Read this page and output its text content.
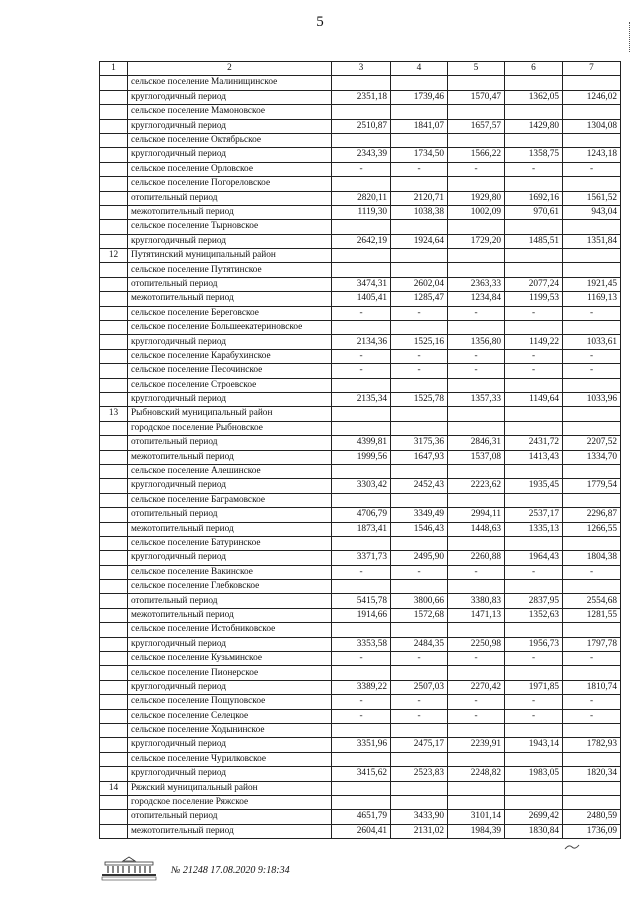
5
1	2	3	4	5	6	7
	сельское поселение Малинищинское					
	круглогодичный период	2351,18	1739,46	1570,47	1362,05	1246,02
	сельское поселение Мамоновское					
	круглогодичный период	2510,87	1841,07	1657,57	1429,80	1304,08
	сельское поселение Октябрьское					
	круглогодичный период	2343,39	1734,50	1566,22	1358,75	1243,18
	сельское поселение Орловское	-	-	-	-	-
	сельское поселение Погореловское					
	отопительный период	2820,11	2120,71	1929,80	1692,16	1561,52
	межотопительный период	1119,30	1038,38	1002,09	970,61	943,04
	сельское поселение Тырновское					
	круглогодичный период	2642,19	1924,64	1729,20	1485,51	1351,84
12	Путятинский муниципальный район					
	сельское поселение Путятинское					
	отопительный период	3474,31	2602,04	2363,33	2077,24	1921,45
	межотопительный период	1405,41	1285,47	1234,84	1199,53	1169,13
	сельское поселение Береговское	-	-	-	-	-
	сельское поселение Большеекатериновское					
	круглогодичный период	2134,36	1525,16	1356,80	1149,22	1033,61
	сельское поселение Карабухинское	-	-	-	-	-
	сельское поселение Песочинское	-	-	-	-	-
	сельское поселение Строевское					
	круглогодичный период	2135,34	1525,78	1357,33	1149,64	1033,96
13	Рыбновский муниципальный район					
	городское поселение Рыбновское					
	отопительный период	4399,81	3175,36	2846,31	2431,72	2207,52
	межотопительный период	1999,56	1647,93	1537,08	1413,43	1334,70
	сельское поселение Алешинское					
	круглогодичный период	3303,42	2452,43	2223,62	1935,45	1779,54
	сельское поселение Баграмовское					
	отопительный период	4706,79	3349,49	2994,11	2537,17	2296,87
	межотопительный период	1873,41	1546,43	1448,63	1335,13	1266,55
	сельское поселение Батуринское					
	круглогодичный период	3371,73	2495,90	2260,88	1964,43	1804,38
	сельское поселение Вакинское	-	-	-	-	-
	сельское поселение Глебковское					
	отопительный период	5415,78	3800,66	3380,83	2837,95	2554,68
	межотопительный период	1914,66	1572,68	1471,13	1352,63	1281,55
	сельское поселение Истобниковское					
	круглогодичный период	3353,58	2484,35	2250,98	1956,73	1797,78
	сельское поселение Кузьминское	-	-	-	-	-
	сельское поселение Пионерское					
	круглогодичный период	3389,22	2507,03	2270,42	1971,85	1810,74
	сельское поселение Пощуповское	-	-	-	-	-
	сельское поселение Селецкое	-	-	-	-	-
	сельское поселение Ходынинское					
	круглогодичный период	3351,96	2475,17	2239,91	1943,14	1782,93
	сельское поселение Чурилковское					
	круглогодичный период	3415,62	2523,83	2248,82	1983,05	1820,34
14	Ряжский муниципальный район					
	городское поселение Ряжское					
	отопительный период	4651,79	3433,90	3101,14	2699,42	2480,59
	межотопительный период	2604,41	2131,02	1984,39	1830,84	1736,09
№ 21248 17.08.2020 9:18:34
